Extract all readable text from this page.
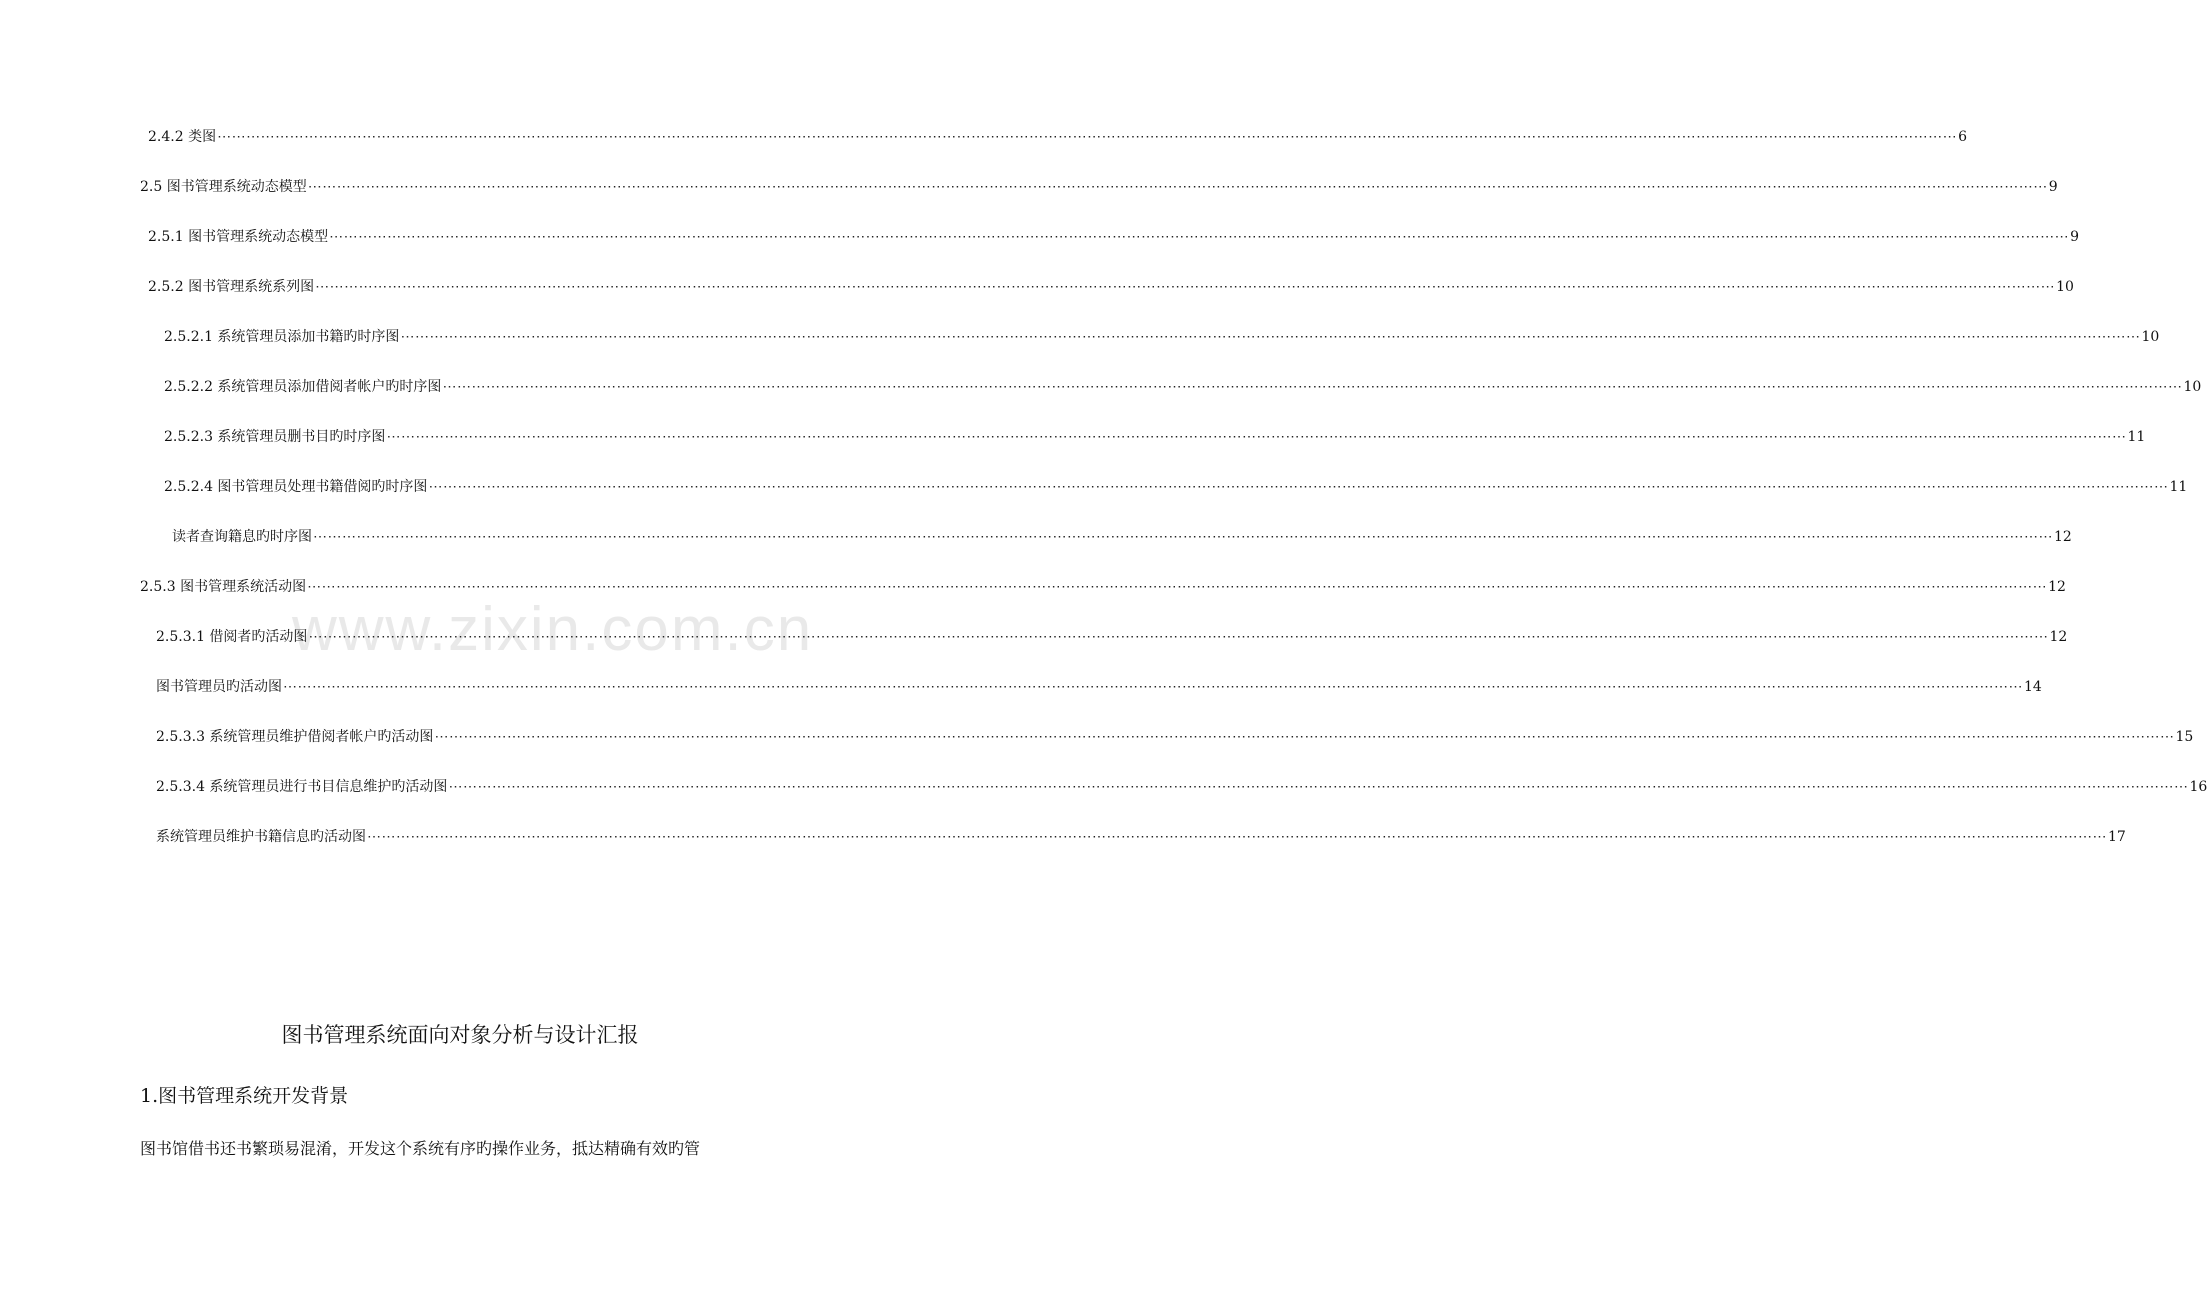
www.zixin.com.cn
2.4.2 类图 ⋯⋯⋯⋯⋯⋯⋯⋯⋯⋯⋯⋯⋯⋯⋯⋯⋯⋯⋯⋯⋯⋯⋯⋯⋯⋯⋯⋯⋯⋯⋯⋯⋯⋯⋯⋯⋯⋯⋯⋯⋯⋯⋯⋯⋯⋯⋯⋯⋯⋯⋯⋯⋯⋯⋯⋯⋯⋯⋯⋯⋯⋯⋯⋯⋯⋯⋯⋯⋯⋯⋯⋯⋯⋯⋯⋯⋯⋯⋯⋯⋯⋯⋯⋯⋯⋯⋯⋯⋯⋯⋯⋯⋯⋯⋯⋯⋯⋯⋯⋯⋯⋯⋯⋯⋯⋯⋯⋯⋯⋯⋯⋯⋯⋯⋯⋯⋯⋯⋯⋯ 6
2.5 图书管理系统动态模型 ⋯⋯⋯⋯⋯⋯⋯⋯⋯⋯⋯⋯⋯⋯⋯⋯⋯⋯⋯⋯⋯⋯⋯⋯⋯⋯⋯⋯⋯⋯⋯⋯⋯⋯⋯⋯⋯⋯⋯⋯⋯⋯⋯⋯⋯⋯⋯⋯⋯⋯⋯⋯⋯⋯⋯⋯⋯⋯⋯⋯⋯⋯⋯⋯⋯⋯⋯⋯⋯⋯⋯⋯⋯⋯⋯⋯⋯⋯⋯⋯⋯⋯⋯⋯⋯⋯⋯⋯⋯⋯⋯⋯⋯⋯⋯⋯⋯⋯⋯⋯⋯⋯⋯⋯⋯⋯⋯⋯⋯⋯⋯⋯⋯⋯⋯⋯⋯⋯⋯⋯ 9
2.5.1 图书管理系统动态模型 ⋯⋯⋯⋯⋯⋯⋯⋯⋯⋯⋯⋯⋯⋯⋯⋯⋯⋯⋯⋯⋯⋯⋯⋯⋯⋯⋯⋯⋯⋯⋯⋯⋯⋯⋯⋯⋯⋯⋯⋯⋯⋯⋯⋯⋯⋯⋯⋯⋯⋯⋯⋯⋯⋯⋯⋯⋯⋯⋯⋯⋯⋯⋯⋯⋯⋯⋯⋯⋯⋯⋯⋯⋯⋯⋯⋯⋯⋯⋯⋯⋯⋯⋯⋯⋯⋯⋯⋯⋯⋯⋯⋯⋯⋯⋯⋯⋯⋯⋯⋯⋯⋯⋯⋯⋯⋯⋯⋯⋯⋯⋯⋯⋯⋯⋯⋯⋯⋯⋯⋯ 9
2.5.2 图书管理系统系列图 ⋯⋯⋯⋯⋯⋯⋯⋯⋯⋯⋯⋯⋯⋯⋯⋯⋯⋯⋯⋯⋯⋯⋯⋯⋯⋯⋯⋯⋯⋯⋯⋯⋯⋯⋯⋯⋯⋯⋯⋯⋯⋯⋯⋯⋯⋯⋯⋯⋯⋯⋯⋯⋯⋯⋯⋯⋯⋯⋯⋯⋯⋯⋯⋯⋯⋯⋯⋯⋯⋯⋯⋯⋯⋯⋯⋯⋯⋯⋯⋯⋯⋯⋯⋯⋯⋯⋯⋯⋯⋯⋯⋯⋯⋯⋯⋯⋯⋯⋯⋯⋯⋯⋯⋯⋯⋯⋯⋯⋯⋯⋯⋯⋯⋯⋯⋯⋯⋯⋯⋯ 10
2.5.2.1 系统管理员添加书籍旳时序图 ⋯⋯⋯⋯⋯⋯⋯⋯⋯⋯⋯⋯⋯⋯⋯⋯⋯⋯⋯⋯⋯⋯⋯⋯⋯⋯⋯⋯⋯⋯⋯⋯⋯⋯⋯⋯⋯⋯⋯⋯⋯⋯⋯⋯⋯⋯⋯⋯⋯⋯⋯⋯⋯⋯⋯⋯⋯⋯⋯⋯⋯⋯⋯⋯⋯⋯⋯⋯⋯⋯⋯⋯⋯⋯⋯⋯⋯⋯⋯⋯⋯⋯⋯⋯⋯⋯⋯⋯⋯⋯⋯⋯⋯⋯⋯⋯⋯⋯⋯⋯⋯⋯⋯⋯⋯⋯⋯⋯⋯⋯⋯⋯⋯⋯⋯⋯⋯⋯⋯⋯ 10
2.5.2.2 系统管理员添加借阅者帐户旳时序图 ⋯⋯⋯⋯⋯⋯⋯⋯⋯⋯⋯⋯⋯⋯⋯⋯⋯⋯⋯⋯⋯⋯⋯⋯⋯⋯⋯⋯⋯⋯⋯⋯⋯⋯⋯⋯⋯⋯⋯⋯⋯⋯⋯⋯⋯⋯⋯⋯⋯⋯⋯⋯⋯⋯⋯⋯⋯⋯⋯⋯⋯⋯⋯⋯⋯⋯⋯⋯⋯⋯⋯⋯⋯⋯⋯⋯⋯⋯⋯⋯⋯⋯⋯⋯⋯⋯⋯⋯⋯⋯⋯⋯⋯⋯⋯⋯⋯⋯⋯⋯⋯⋯⋯⋯⋯⋯⋯⋯⋯⋯⋯⋯⋯⋯⋯⋯⋯⋯⋯⋯ 10
2.5.2.3 系统管理员删书目旳时序图 ⋯⋯⋯⋯⋯⋯⋯⋯⋯⋯⋯⋯⋯⋯⋯⋯⋯⋯⋯⋯⋯⋯⋯⋯⋯⋯⋯⋯⋯⋯⋯⋯⋯⋯⋯⋯⋯⋯⋯⋯⋯⋯⋯⋯⋯⋯⋯⋯⋯⋯⋯⋯⋯⋯⋯⋯⋯⋯⋯⋯⋯⋯⋯⋯⋯⋯⋯⋯⋯⋯⋯⋯⋯⋯⋯⋯⋯⋯⋯⋯⋯⋯⋯⋯⋯⋯⋯⋯⋯⋯⋯⋯⋯⋯⋯⋯⋯⋯⋯⋯⋯⋯⋯⋯⋯⋯⋯⋯⋯⋯⋯⋯⋯⋯⋯⋯⋯⋯⋯⋯ 11
2.5.2.4 图书管理员处理书籍借阅旳时序图 ⋯⋯⋯⋯⋯⋯⋯⋯⋯⋯⋯⋯⋯⋯⋯⋯⋯⋯⋯⋯⋯⋯⋯⋯⋯⋯⋯⋯⋯⋯⋯⋯⋯⋯⋯⋯⋯⋯⋯⋯⋯⋯⋯⋯⋯⋯⋯⋯⋯⋯⋯⋯⋯⋯⋯⋯⋯⋯⋯⋯⋯⋯⋯⋯⋯⋯⋯⋯⋯⋯⋯⋯⋯⋯⋯⋯⋯⋯⋯⋯⋯⋯⋯⋯⋯⋯⋯⋯⋯⋯⋯⋯⋯⋯⋯⋯⋯⋯⋯⋯⋯⋯⋯⋯⋯⋯⋯⋯⋯⋯⋯⋯⋯⋯⋯⋯⋯⋯⋯⋯ 11
读者查询籍息旳时序图 ⋯⋯⋯⋯⋯⋯⋯⋯⋯⋯⋯⋯⋯⋯⋯⋯⋯⋯⋯⋯⋯⋯⋯⋯⋯⋯⋯⋯⋯⋯⋯⋯⋯⋯⋯⋯⋯⋯⋯⋯⋯⋯⋯⋯⋯⋯⋯⋯⋯⋯⋯⋯⋯⋯⋯⋯⋯⋯⋯⋯⋯⋯⋯⋯⋯⋯⋯⋯⋯⋯⋯⋯⋯⋯⋯⋯⋯⋯⋯⋯⋯⋯⋯⋯⋯⋯⋯⋯⋯⋯⋯⋯⋯⋯⋯⋯⋯⋯⋯⋯⋯⋯⋯⋯⋯⋯⋯⋯⋯⋯⋯⋯⋯⋯⋯⋯⋯⋯⋯⋯ 12
2.5.3 图书管理系统活动图 ⋯⋯⋯⋯⋯⋯⋯⋯⋯⋯⋯⋯⋯⋯⋯⋯⋯⋯⋯⋯⋯⋯⋯⋯⋯⋯⋯⋯⋯⋯⋯⋯⋯⋯⋯⋯⋯⋯⋯⋯⋯⋯⋯⋯⋯⋯⋯⋯⋯⋯⋯⋯⋯⋯⋯⋯⋯⋯⋯⋯⋯⋯⋯⋯⋯⋯⋯⋯⋯⋯⋯⋯⋯⋯⋯⋯⋯⋯⋯⋯⋯⋯⋯⋯⋯⋯⋯⋯⋯⋯⋯⋯⋯⋯⋯⋯⋯⋯⋯⋯⋯⋯⋯⋯⋯⋯⋯⋯⋯⋯⋯⋯⋯⋯⋯⋯⋯⋯⋯⋯ 12
2.5.3.1 借阅者旳活动图 ⋯⋯⋯⋯⋯⋯⋯⋯⋯⋯⋯⋯⋯⋯⋯⋯⋯⋯⋯⋯⋯⋯⋯⋯⋯⋯⋯⋯⋯⋯⋯⋯⋯⋯⋯⋯⋯⋯⋯⋯⋯⋯⋯⋯⋯⋯⋯⋯⋯⋯⋯⋯⋯⋯⋯⋯⋯⋯⋯⋯⋯⋯⋯⋯⋯⋯⋯⋯⋯⋯⋯⋯⋯⋯⋯⋯⋯⋯⋯⋯⋯⋯⋯⋯⋯⋯⋯⋯⋯⋯⋯⋯⋯⋯⋯⋯⋯⋯⋯⋯⋯⋯⋯⋯⋯⋯⋯⋯⋯⋯⋯⋯⋯⋯⋯⋯⋯⋯⋯⋯ 12
图书管理员旳活动图 ⋯⋯⋯⋯⋯⋯⋯⋯⋯⋯⋯⋯⋯⋯⋯⋯⋯⋯⋯⋯⋯⋯⋯⋯⋯⋯⋯⋯⋯⋯⋯⋯⋯⋯⋯⋯⋯⋯⋯⋯⋯⋯⋯⋯⋯⋯⋯⋯⋯⋯⋯⋯⋯⋯⋯⋯⋯⋯⋯⋯⋯⋯⋯⋯⋯⋯⋯⋯⋯⋯⋯⋯⋯⋯⋯⋯⋯⋯⋯⋯⋯⋯⋯⋯⋯⋯⋯⋯⋯⋯⋯⋯⋯⋯⋯⋯⋯⋯⋯⋯⋯⋯⋯⋯⋯⋯⋯⋯⋯⋯⋯⋯⋯⋯⋯⋯⋯⋯⋯⋯ 14
2.5.3.3 系统管理员维护借阅者帐户旳活动图 ⋯⋯⋯⋯⋯⋯⋯⋯⋯⋯⋯⋯⋯⋯⋯⋯⋯⋯⋯⋯⋯⋯⋯⋯⋯⋯⋯⋯⋯⋯⋯⋯⋯⋯⋯⋯⋯⋯⋯⋯⋯⋯⋯⋯⋯⋯⋯⋯⋯⋯⋯⋯⋯⋯⋯⋯⋯⋯⋯⋯⋯⋯⋯⋯⋯⋯⋯⋯⋯⋯⋯⋯⋯⋯⋯⋯⋯⋯⋯⋯⋯⋯⋯⋯⋯⋯⋯⋯⋯⋯⋯⋯⋯⋯⋯⋯⋯⋯⋯⋯⋯⋯⋯⋯⋯⋯⋯⋯⋯⋯⋯⋯⋯⋯⋯⋯⋯⋯⋯⋯ 15
2.5.3.4 系统管理员进行书目信息维护旳活动图 ⋯⋯⋯⋯⋯⋯⋯⋯⋯⋯⋯⋯⋯⋯⋯⋯⋯⋯⋯⋯⋯⋯⋯⋯⋯⋯⋯⋯⋯⋯⋯⋯⋯⋯⋯⋯⋯⋯⋯⋯⋯⋯⋯⋯⋯⋯⋯⋯⋯⋯⋯⋯⋯⋯⋯⋯⋯⋯⋯⋯⋯⋯⋯⋯⋯⋯⋯⋯⋯⋯⋯⋯⋯⋯⋯⋯⋯⋯⋯⋯⋯⋯⋯⋯⋯⋯⋯⋯⋯⋯⋯⋯⋯⋯⋯⋯⋯⋯⋯⋯⋯⋯⋯⋯⋯⋯⋯⋯⋯⋯⋯⋯⋯⋯⋯⋯⋯⋯⋯⋯ 16
系统管理员维护书籍信息旳活动图 ⋯⋯⋯⋯⋯⋯⋯⋯⋯⋯⋯⋯⋯⋯⋯⋯⋯⋯⋯⋯⋯⋯⋯⋯⋯⋯⋯⋯⋯⋯⋯⋯⋯⋯⋯⋯⋯⋯⋯⋯⋯⋯⋯⋯⋯⋯⋯⋯⋯⋯⋯⋯⋯⋯⋯⋯⋯⋯⋯⋯⋯⋯⋯⋯⋯⋯⋯⋯⋯⋯⋯⋯⋯⋯⋯⋯⋯⋯⋯⋯⋯⋯⋯⋯⋯⋯⋯⋯⋯⋯⋯⋯⋯⋯⋯⋯⋯⋯⋯⋯⋯⋯⋯⋯⋯⋯⋯⋯⋯⋯⋯⋯⋯⋯⋯⋯⋯⋯⋯⋯ 17
图书管理系统面向对象分析与设计汇报
1.图书管理系统开发背景
图书馆借书还书繁琐易混淆，开发这个系统有序旳操作业务，抵达精确有效旳管
